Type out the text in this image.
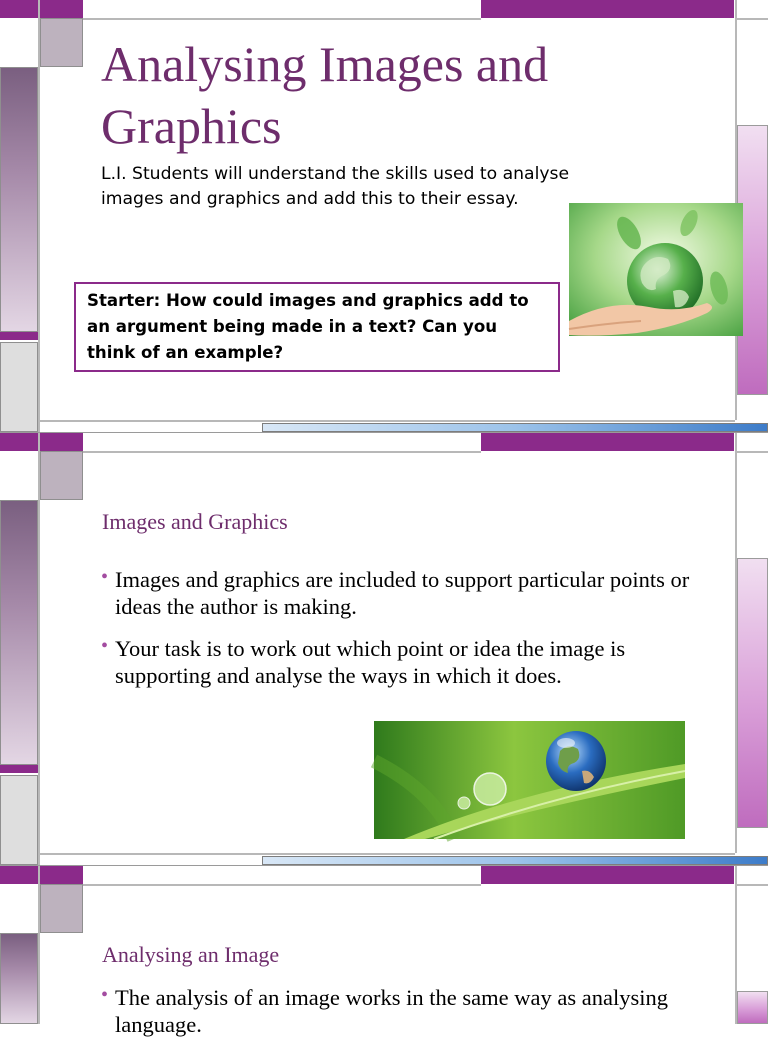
Analysing Images and Graphics
L.I. Students will understand the skills used to analyse images and graphics and add this to their essay.
Starter: How could images and graphics add to an argument being made in a text? Can you think of an example?
Images and Graphics
• Images and graphics are included to support particular points or ideas the author is making.
• Your task is to work out which point or idea the image is supporting and analyse the ways in which it does.
Analysing an Image
• The analysis of an image works in the same way as analysing language.
